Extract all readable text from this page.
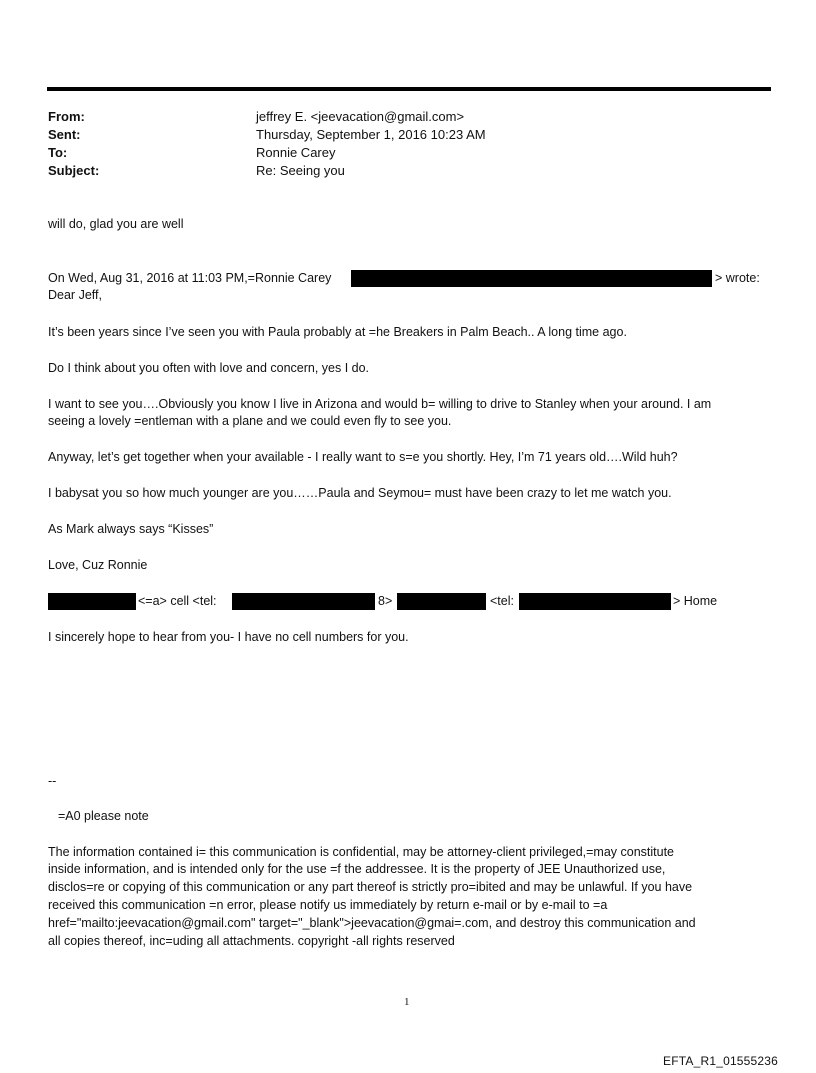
From:	jeffrey E. <jeevacation@gmail.com>
Sent:	Thursday, September 1, 2016 10:23 AM
To:	Ronnie Carey
Subject:	Re: Seeing you
will do, glad you are well
On Wed, Aug 31, 2016 at 11:03 PM,=Ronnie Carey	> wrote:
Dear Jeff,
It’s been years since I’ve seen you with Paula probably at =he Breakers in Palm Beach.. A long time ago.
Do I think about you often with love and concern, yes I do.
I want to see you….Obviously you know I live in Arizona and would b= willing to drive to Stanley when your around. I am
seeing a lovely =entleman with a plane and we could even fly to see you.
Anyway, let’s get together when your available - I really want to s=e you shortly. Hey, I’m 71 years old….Wild huh?
I babysat you so how much younger are you……Paula and Seymou= must have been crazy to let me watch you.
As Mark always says “Kisses”
Love, Cuz Ronnie
<=a> cell <tel:	8>	<tel:	> Home
I sincerely hope to hear from you- I have no cell numbers for you.
--
=A0 please note
The information contained i= this communication is confidential, may be attorney-client privileged,=may constitute
inside information, and is intended only for the use =f the addressee. It is the property of JEE Unauthorized use,
disclos=re or copying of this communication or any part thereof is strictly pro=ibited and may be unlawful. If you have
received this communication =n error, please notify us immediately by return e-mail or by e-mail to =a
href="mailto:jeevacation@gmail.com" target="_blank">jeevacation@gmai=.com, and destroy this communication and
all copies thereof, inc=uding all attachments. copyright -all rights reserved
1
EFTA_R1_01555236
